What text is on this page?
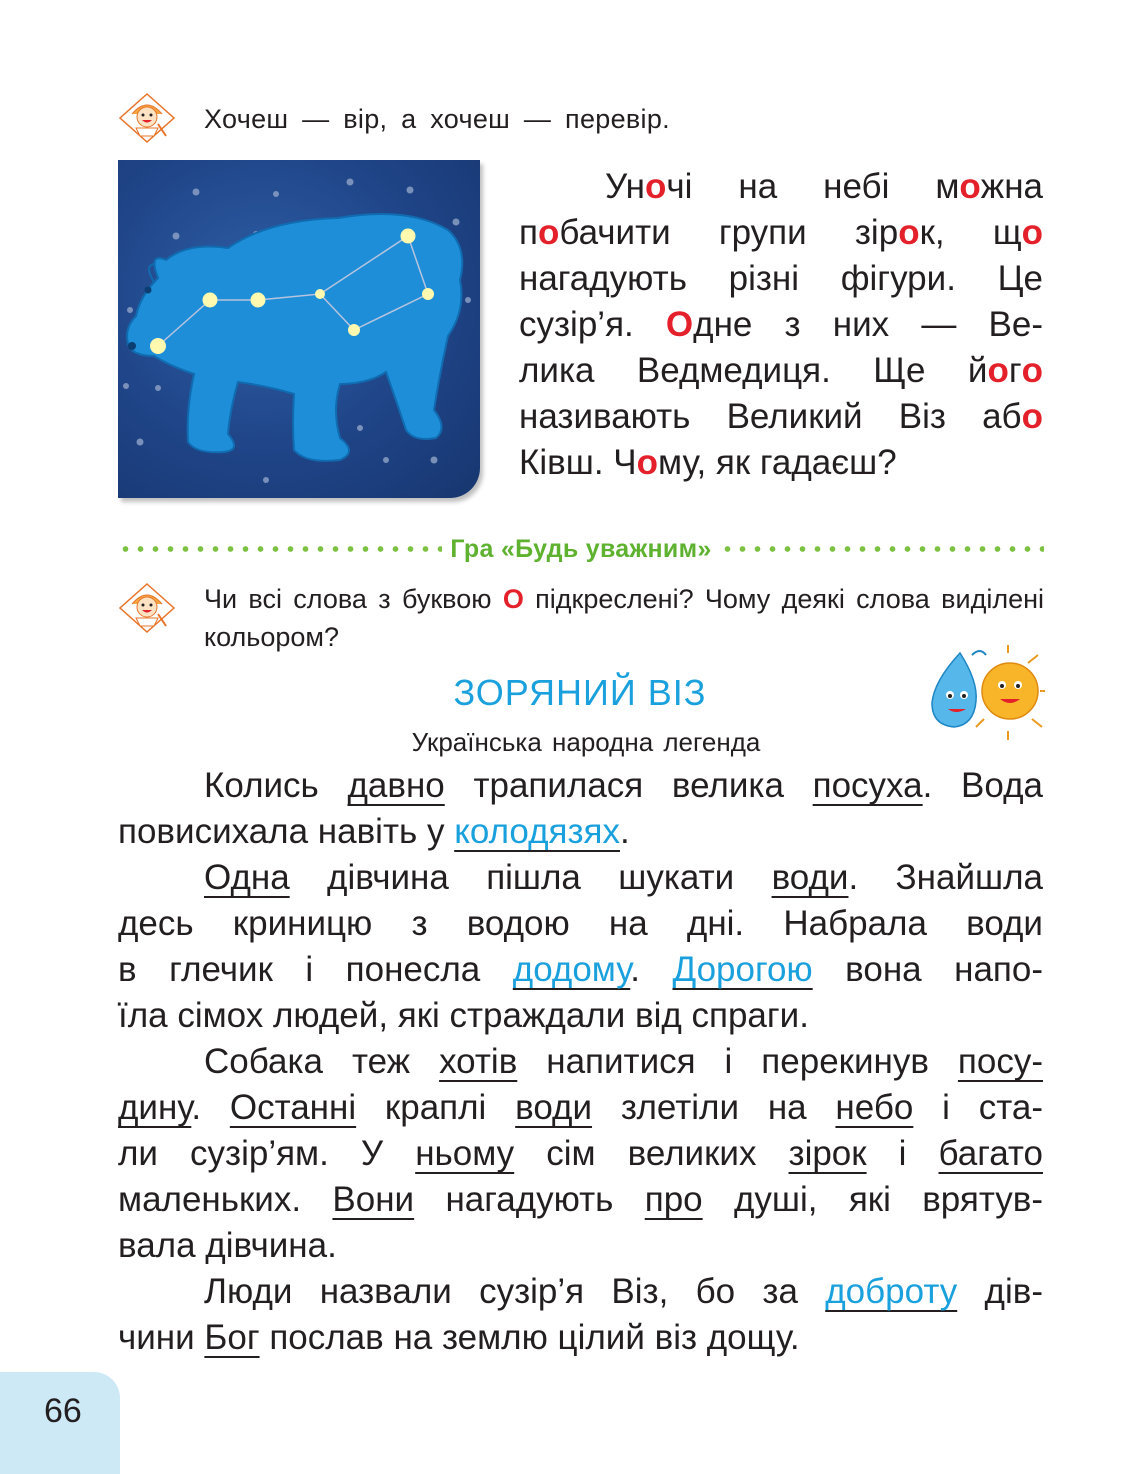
Хочеш — вір, а хочеш — перевір.
Уночі на небі можна
побачити групи зірок, що
нагадують різні фігури. Це
сузір’я. Одне з них — Ве-
лика Ведмедиця. Ще його
називають Великий Віз або
Ківш. Чому, як гадаєш?
Гра «Будь уважним»
Чи всі слова з буквою О підкреслені? Чому деякі слова виділені кольором?
ЗОРЯНИЙ ВІЗ
Українська народна легенда
Колись давно трапилася велика посуха. Вода
повисихала навіть у колодязях.
Одна дівчина пішла шукати води. Знайшла
десь криницю з водою на дні. Набрала води
в глечик і понесла додому. Дорогою вона напо-
їла сімох людей, які страждали від спраги.
Собака теж хотів напитися і перекинув посу-
дину. Останні краплі води злетіли на небо і ста-
ли сузір’ям. У ньому сім великих зірок і багато
маленьких. Вони нагадують про душі, які врятув-
вала дівчина.
Люди назвали сузір’я Віз, бо за доброту дів-
чини Бог послав на землю цілий віз дощу.
66
